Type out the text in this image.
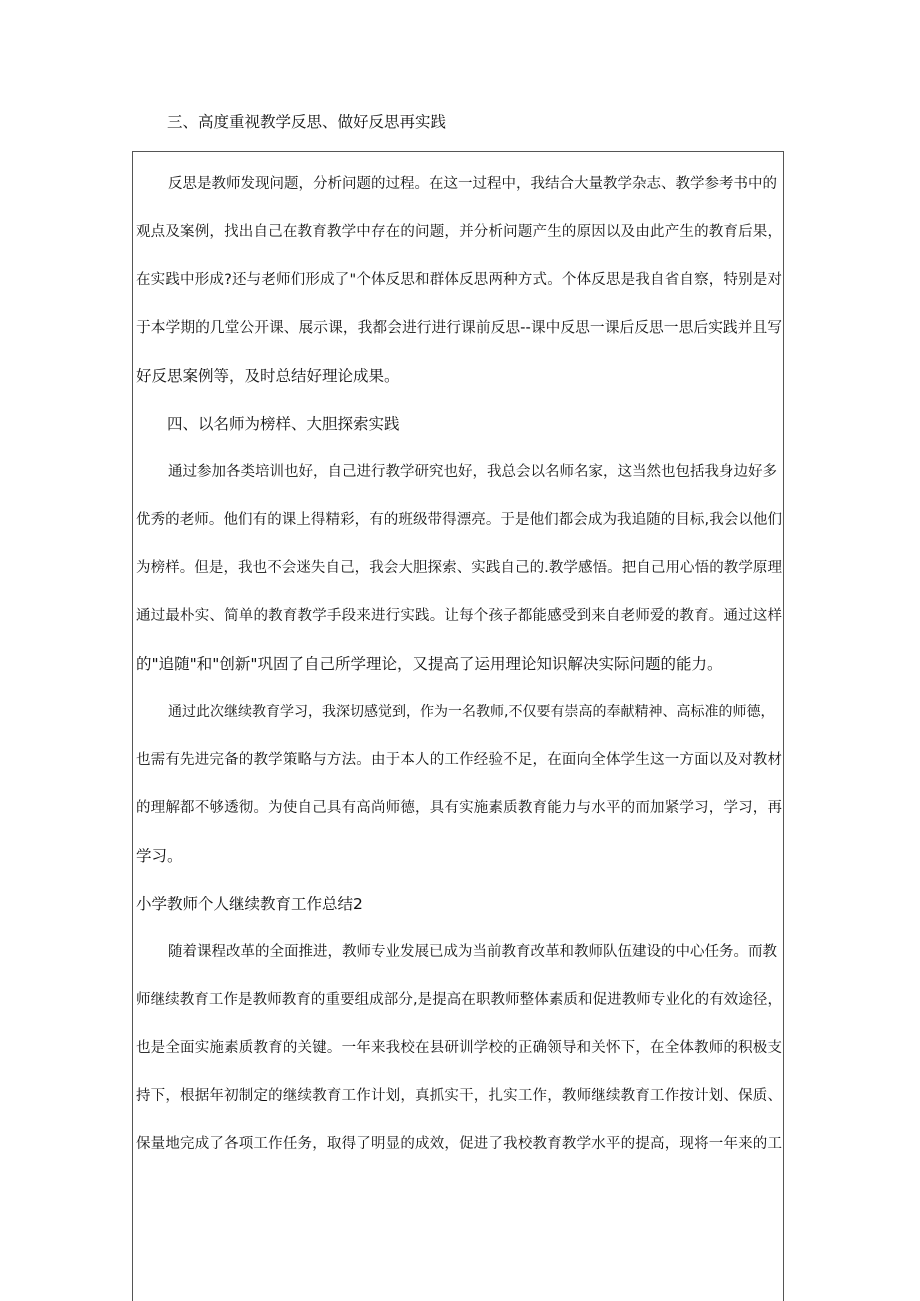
三、高度重视教学反思、做好反思再实践
反思是教师发现问题，分析问题的过程。在这一过程中，我结合大量教学杂志、教学参考书中的
观点及案例，找出自己在教育教学中存在的问题，并分析问题产生的原因以及由此产生的教育后果，
在实践中形成?还与老师们形成了"个体反思和群体反思两种方式。个体反思是我自省自察，特别是对
于本学期的几堂公开课、展示课，我都会进行进行课前反思--课中反思一课后反思一思后实践并且写
好反思案例等，及时总结好理论成果。
四、以名师为榜样、大胆探索实践
通过参加各类培训也好，自己进行教学研究也好，我总会以名师名家，这当然也包括我身边好多
优秀的老师。他们有的课上得精彩，有的班级带得漂亮。于是他们都会成为我追随的目标,我会以他们
为榜样。但是，我也不会迷失自己，我会大胆探索、实践自己的.教学感悟。把自己用心悟的教学原理
通过最朴实、简单的教育教学手段来进行实践。让每个孩子都能感受到来自老师爱的教育。通过这样
的"追随"和"创新"巩固了自己所学理论，又提高了运用理论知识解决实际问题的能力。
通过此次继续教育学习，我深切感觉到，作为一名教师,不仅要有崇高的奉献精神、高标准的师德，
也需有先进完备的教学策略与方法。由于本人的工作经验不足，在面向全体学生这一方面以及对教材
的理解都不够透彻。为使自己具有高尚师德，具有实施素质教育能力与水平的而加紧学习，学习，再
学习。
小学教师个人继续教育工作总结2
随着课程改革的全面推进，教师专业发展已成为当前教育改革和教师队伍建设的中心任务。而教
师继续教育工作是教师教育的重要组成部分,是提高在职教师整体素质和促进教师专业化的有效途径，
也是全面实施素质教育的关键。一年来我校在县研训学校的正确领导和关怀下，在全体教师的积极支
持下，根据年初制定的继续教育工作计划，真抓实干，扎实工作，教师继续教育工作按计划、保质、
保量地完成了各项工作任务，取得了明显的成效，促进了我校教育教学水平的提高，现将一年来的工
